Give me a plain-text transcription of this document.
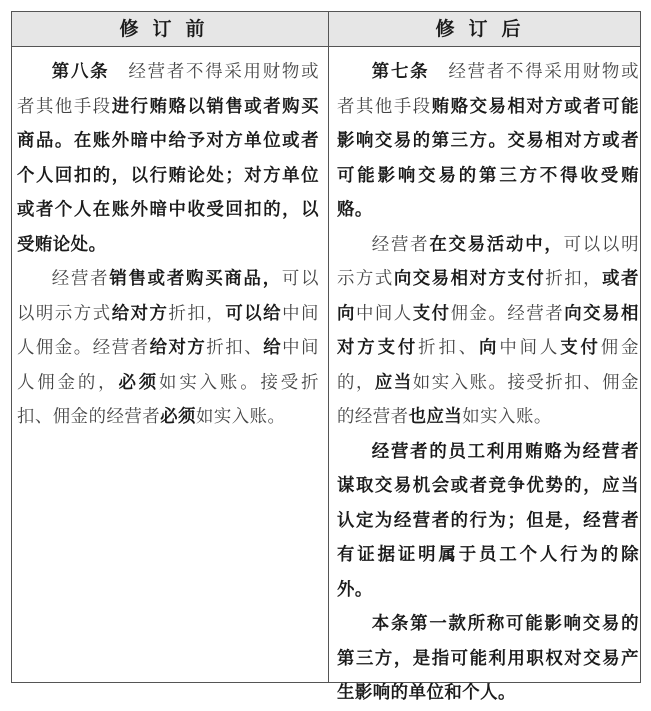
修订前	修订后

第八条　经营者不得采用财物或者其他手段进行贿赂以销售或者购买商品。在账外暗中给予对方单位或者个人回扣的，以行贿论处；对方单位或者个人在账外暗中收受回扣的，以受贿论处。

经营者销售或者购买商品，可以以明示方式给对方折扣，可以给中间人佣金。经营者给对方折扣、给中间人佣金的，必须如实入账。接受折扣、佣金的经营者必须如实入账。

第七条　经营者不得采用财物或者其他手段贿赂交易相对方或者可能影响交易的第三方。交易相对方或者可能影响交易的第三方不得收受贿赂。

经营者在交易活动中，可以以明示方式向交易相对方支付折扣，或者向中间人支付佣金。经营者向交易相对方支付折扣、向中间人支付佣金的，应当如实入账。接受折扣、佣金的经营者也应当如实入账。

经营者的员工利用贿赂为经营者谋取交易机会或者竞争优势的，应当认定为经营者的行为；但是，经营者有证据证明属于员工个人行为的除外。

本条第一款所称可能影响交易的第三方，是指可能利用职权对交易产生影响的单位和个人。
